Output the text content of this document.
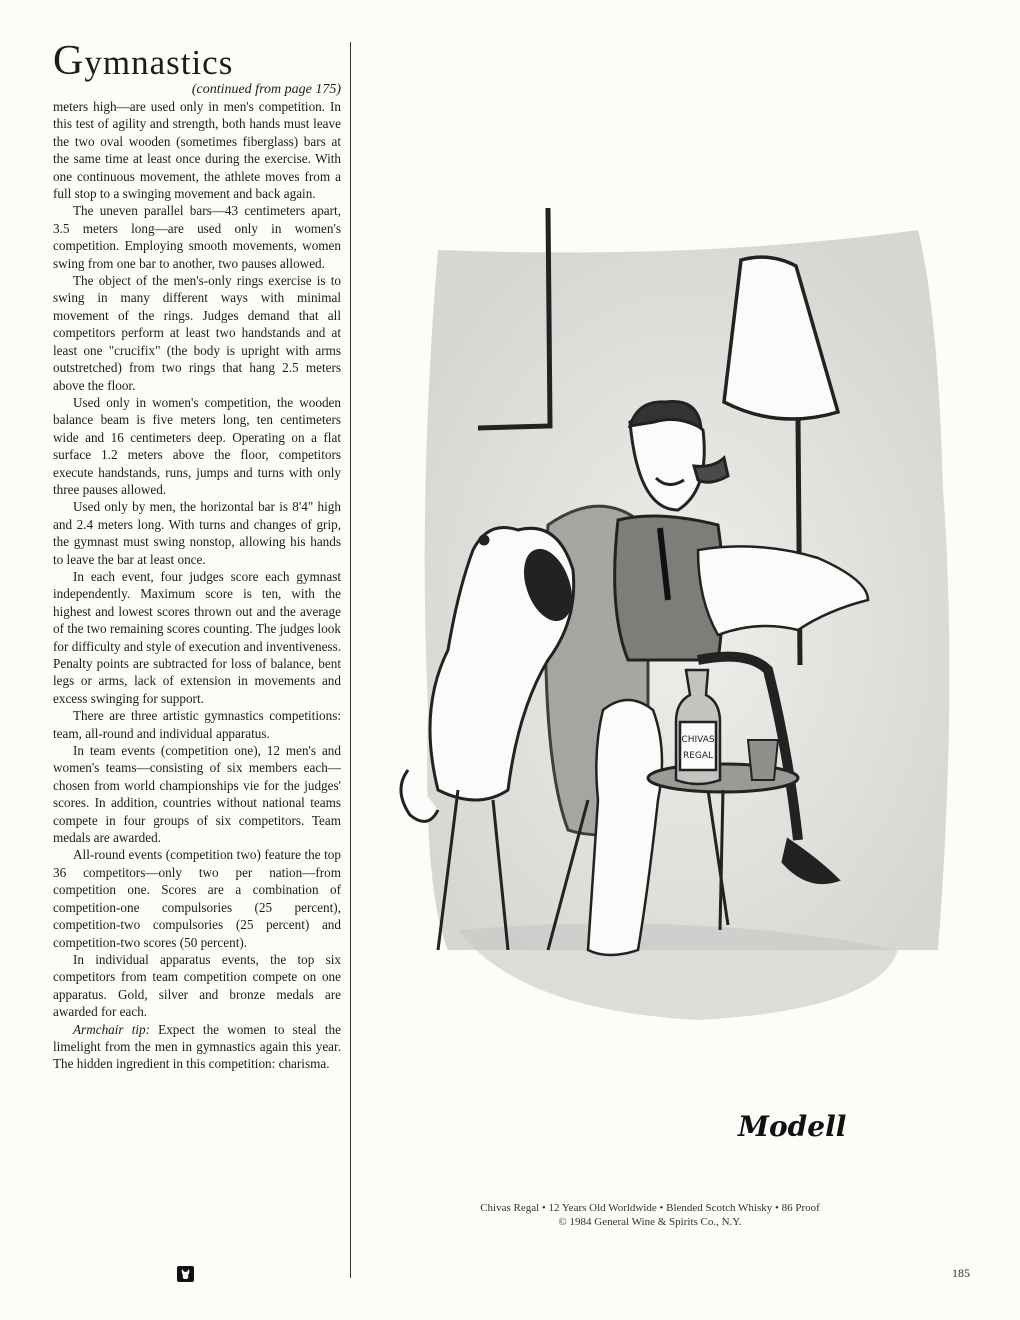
Gymnastics
(continued from page 175)

meters high—are used only in men's competition. In this test of agility and strength, both hands must leave the two oval wooden (sometimes fiberglass) bars at the same time at least once during the exercise. With one continuous movement, the athlete moves from a full stop to a swinging movement and back again.

The uneven parallel bars—43 centimeters apart, 3.5 meters long—are used only in women's competition. Employing smooth movements, women swing from one bar to another, two pauses allowed.

The object of the men's-only rings exercise is to swing in many different ways with minimal movement of the rings. Judges demand that all competitors perform at least two handstands and at least one "crucifix" (the body is upright with arms outstretched) from two rings that hang 2.5 meters above the floor.

Used only in women's competition, the wooden balance beam is five meters long, ten centimeters wide and 16 centimeters deep. Operating on a flat surface 1.2 meters above the floor, competitors execute handstands, runs, jumps and turns with only three pauses allowed.

Used only by men, the horizontal bar is 8'4" high and 2.4 meters long. With turns and changes of grip, the gymnast must swing nonstop, allowing his hands to leave the bar at least once.

In each event, four judges score each gymnast independently. Maximum score is ten, with the highest and lowest scores thrown out and the average of the two remaining scores counting. The judges look for difficulty and style of execution and inventiveness. Penalty points are subtracted for loss of balance, bent legs or arms, lack of extension in movements and excess swinging for support.

There are three artistic gymnastics competitions: team, all-round and individual apparatus.

In team events (competition one), 12 men's and women's teams—consisting of six members each—chosen from world championships vie for the judges' scores. In addition, countries without national teams compete in four groups of six competitors. Team medals are awarded.

All-round events (competition two) feature the top 36 competitors—only two per nation—from competition one. Scores are a combination of competition-one compulsories (25 percent), competition-two compulsories (25 percent) and competition-two scores (50 percent).

In individual apparatus events, the top six competitors from team competition compete on one apparatus. Gold, silver and bronze medals are awarded for each.

Armchair tip: Expect the women to steal the limelight from the men in gymnastics again this year. The hidden ingredient in this competition: charisma.

CHIVAS
REGAL
Modell
Chivas Regal • 12 Years Old Worldwide • Blended Scotch Whisky • 86 Proof
© 1984 General Wine & Spirits Co., N.Y.
185
